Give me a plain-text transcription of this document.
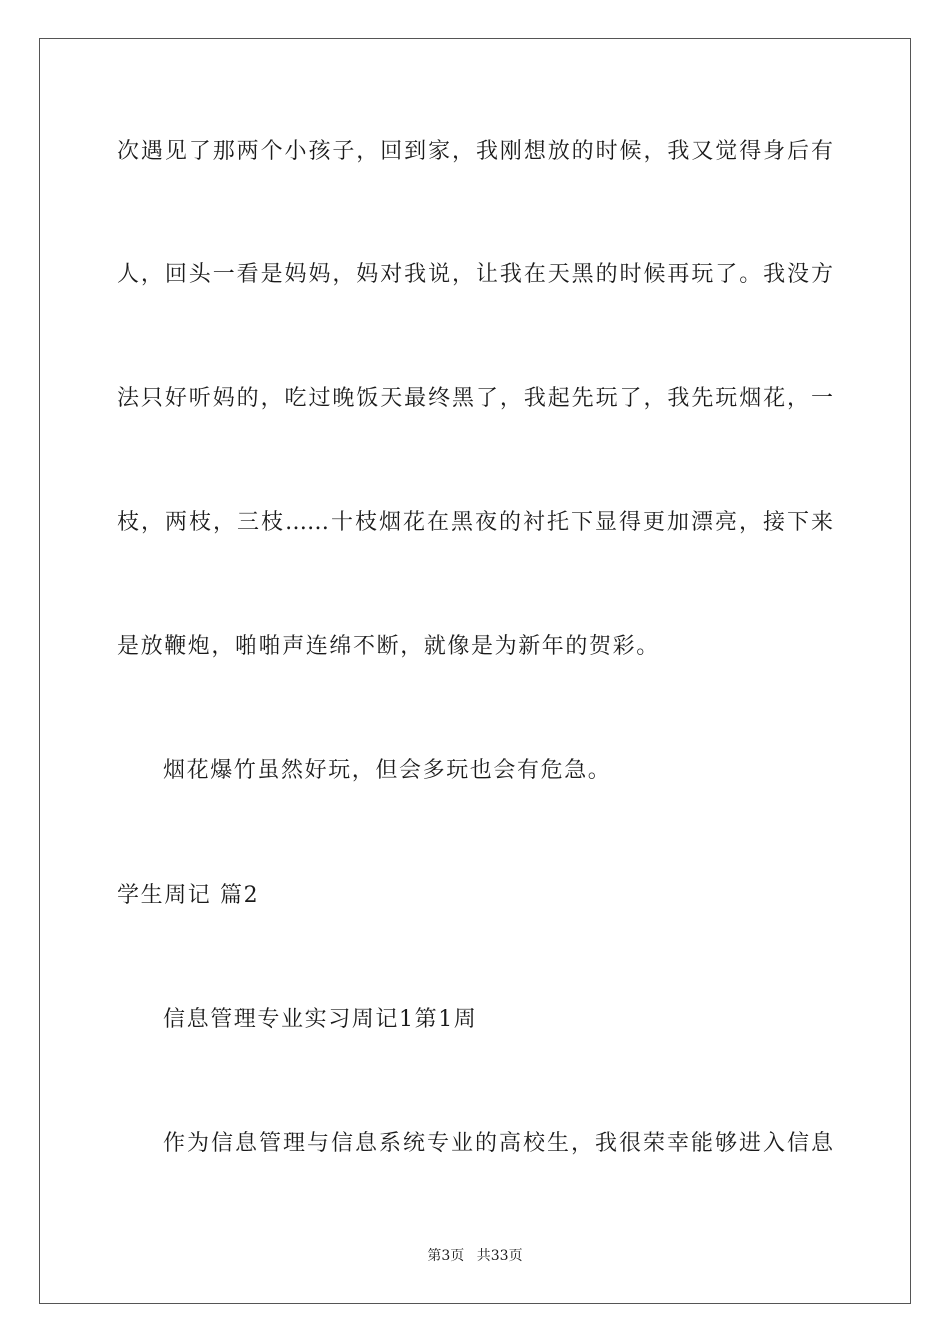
次遇见了那两个小孩子，回到家，我刚想放的时候，我又觉得身后有
人，回头一看是妈妈，妈对我说，让我在天黑的时候再玩了。我没方
法只好听妈的，吃过晚饭天最终黑了，我起先玩了，我先玩烟花，一
枝，两枝，三枝……十枝烟花在黑夜的衬托下显得更加漂亮，接下来
是放鞭炮，啪啪声连绵不断，就像是为新年的贺彩。
烟花爆竹虽然好玩，但会多玩也会有危急。
学生周记 篇2
信息管理专业实习周记1第1周
作为信息管理与信息系统专业的高校生，我很荣幸能够进入信息
第3页 共33页
